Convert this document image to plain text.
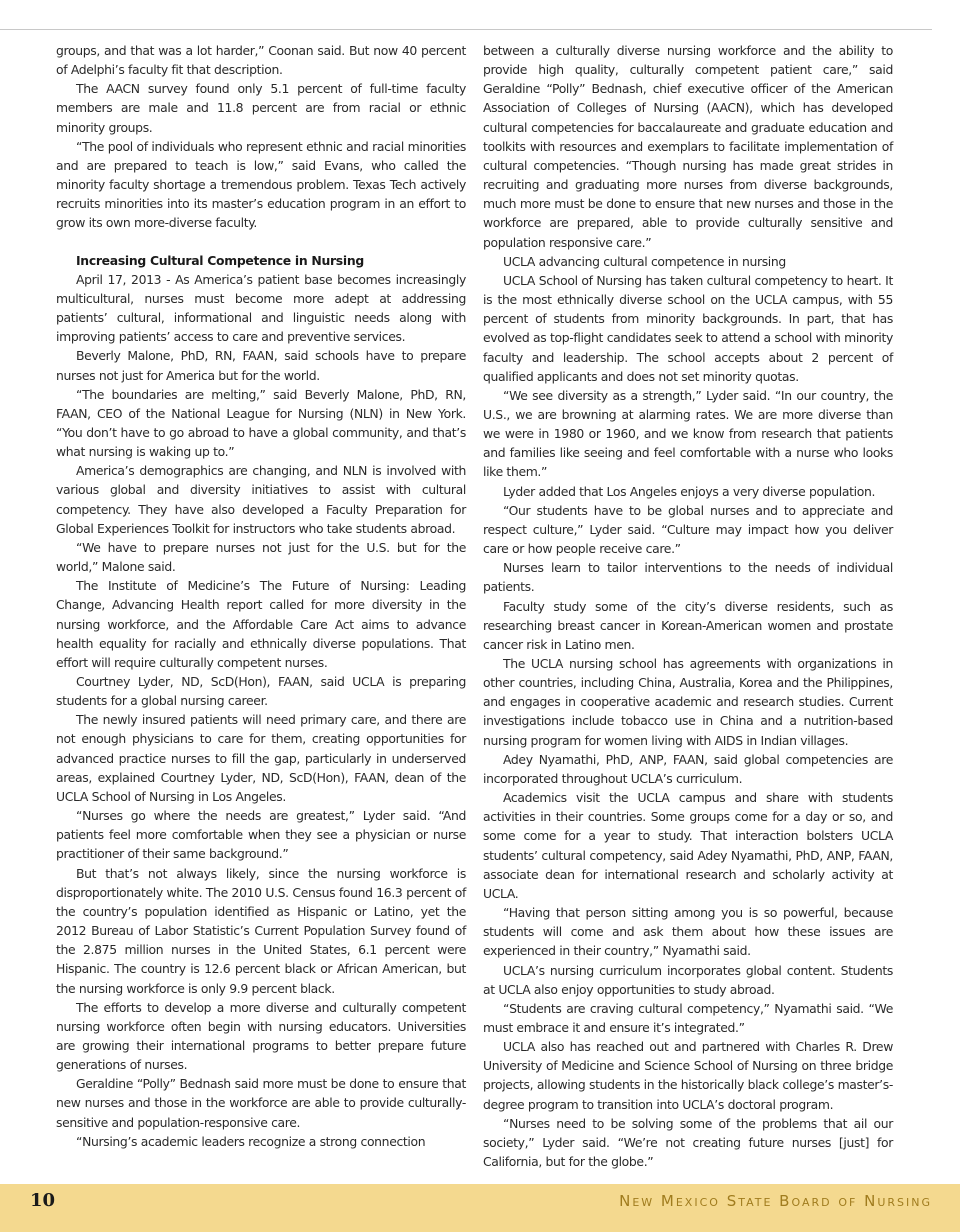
groups, and that was a lot harder,” Coonan said. But now 40 percent of Adelphi’s faculty fit that description.

The AACN survey found only 5.1 percent of full-time faculty members are male and 11.8 percent are from racial or ethnic minority groups.

“The pool of individuals who represent ethnic and racial minorities and are prepared to teach is low,” said Evans, who called the minority faculty shortage a tremendous problem. Texas Tech actively recruits minorities into its master’s education program in an effort to grow its own more-diverse faculty.

Increasing Cultural Competence in Nursing

April 17, 2013 - As America’s patient base becomes increasingly multicultural, nurses must become more adept at addressing patients’ cultural, informational and linguistic needs along with improving patients’ access to care and preventive services.

Beverly Malone, PhD, RN, FAAN, said schools have to prepare nurses not just for America but for the world.

“The boundaries are melting,” said Beverly Malone, PhD, RN, FAAN, CEO of the National League for Nursing (NLN) in New York. “You don’t have to go abroad to have a global community, and that’s what nursing is waking up to.”

America’s demographics are changing, and NLN is involved with various global and diversity initiatives to assist with cultural competency. They have also developed a Faculty Preparation for Global Experiences Toolkit for instructors who take students abroad.

“We have to prepare nurses not just for the U.S. but for the world,” Malone said.

The Institute of Medicine’s The Future of Nursing: Leading Change, Advancing Health report called for more diversity in the nursing workforce, and the Affordable Care Act aims to advance health equality for racially and ethnically diverse populations. That effort will require culturally competent nurses.

Courtney Lyder, ND, ScD(Hon), FAAN, said UCLA is preparing students for a global nursing career.

The newly insured patients will need primary care, and there are not enough physicians to care for them, creating opportunities for advanced practice nurses to fill the gap, particularly in underserved areas, explained Courtney Lyder, ND, ScD(Hon), FAAN, dean of the UCLA School of Nursing in Los Angeles.

“Nurses go where the needs are greatest,” Lyder said. “And patients feel more comfortable when they see a physician or nurse practitioner of their same background.”

But that’s not always likely, since the nursing workforce is disproportionately white. The 2010 U.S. Census found 16.3 percent of the country’s population identified as Hispanic or Latino, yet the 2012 Bureau of Labor Statistic’s Current Population Survey found of the 2.875 million nurses in the United States, 6.1 percent were Hispanic. The country is 12.6 percent black or African American, but the nursing workforce is only 9.9 percent black.

The efforts to develop a more diverse and culturally competent nursing workforce often begin with nursing educators. Universities are growing their international programs to better prepare future generations of nurses.

Geraldine “Polly” Bednash said more must be done to ensure that new nurses and those in the workforce are able to provide culturally-sensitive and population-responsive care.

“Nursing’s academic leaders recognize a strong connection

between a culturally diverse nursing workforce and the ability to provide high quality, culturally competent patient care,” said Geraldine “Polly” Bednash, chief executive officer of the American Association of Colleges of Nursing (AACN), which has developed cultural competencies for baccalaureate and graduate education and toolkits with resources and exemplars to facilitate implementation of cultural competencies. “Though nursing has made great strides in recruiting and graduating more nurses from diverse backgrounds, much more must be done to ensure that new nurses and those in the workforce are prepared, able to provide culturally sensitive and population responsive care.”

UCLA advancing cultural competence in nursing

UCLA School of Nursing has taken cultural competency to heart. It is the most ethnically diverse school on the UCLA campus, with 55 percent of students from minority backgrounds. In part, that has evolved as top-flight candidates seek to attend a school with minority faculty and leadership. The school accepts about 2 percent of qualified applicants and does not set minority quotas.

“We see diversity as a strength,” Lyder said. “In our country, the U.S., we are browning at alarming rates. We are more diverse than we were in 1980 or 1960, and we know from research that patients and families like seeing and feel comfortable with a nurse who looks like them.”

Lyder added that Los Angeles enjoys a very diverse population.

“Our students have to be global nurses and to appreciate and respect culture,” Lyder said. “Culture may impact how you deliver care or how people receive care.”

Nurses learn to tailor interventions to the needs of individual patients.

Faculty study some of the city’s diverse residents, such as researching breast cancer in Korean-American women and prostate cancer risk in Latino men.

The UCLA nursing school has agreements with organizations in other countries, including China, Australia, Korea and the Philippines, and engages in cooperative academic and research studies. Current investigations include tobacco use in China and a nutrition-based nursing program for women living with AIDS in Indian villages.

Adey Nyamathi, PhD, ANP, FAAN, said global competencies are incorporated throughout UCLA’s curriculum.

Academics visit the UCLA campus and share with students activities in their countries. Some groups come for a day or so, and some come for a year to study. That interaction bolsters UCLA students’ cultural competency, said Adey Nyamathi, PhD, ANP, FAAN, associate dean for international research and scholarly activity at UCLA.

“Having that person sitting among you is so powerful, because students will come and ask them about how these issues are experienced in their country,” Nyamathi said.

UCLA’s nursing curriculum incorporates global content. Students at UCLA also enjoy opportunities to study abroad.

“Students are craving cultural competency,” Nyamathi said. “We must embrace it and ensure it’s integrated.”

UCLA also has reached out and partnered with Charles R. Drew University of Medicine and Science School of Nursing on three bridge projects, allowing students in the historically black college’s master’s-degree program to transition into UCLA’s doctoral program.

“Nurses need to be solving some of the problems that ail our society,” Lyder said. “We’re not creating future nurses [just] for California, but for the globe.”

10	New Mexico State Board of Nursing
